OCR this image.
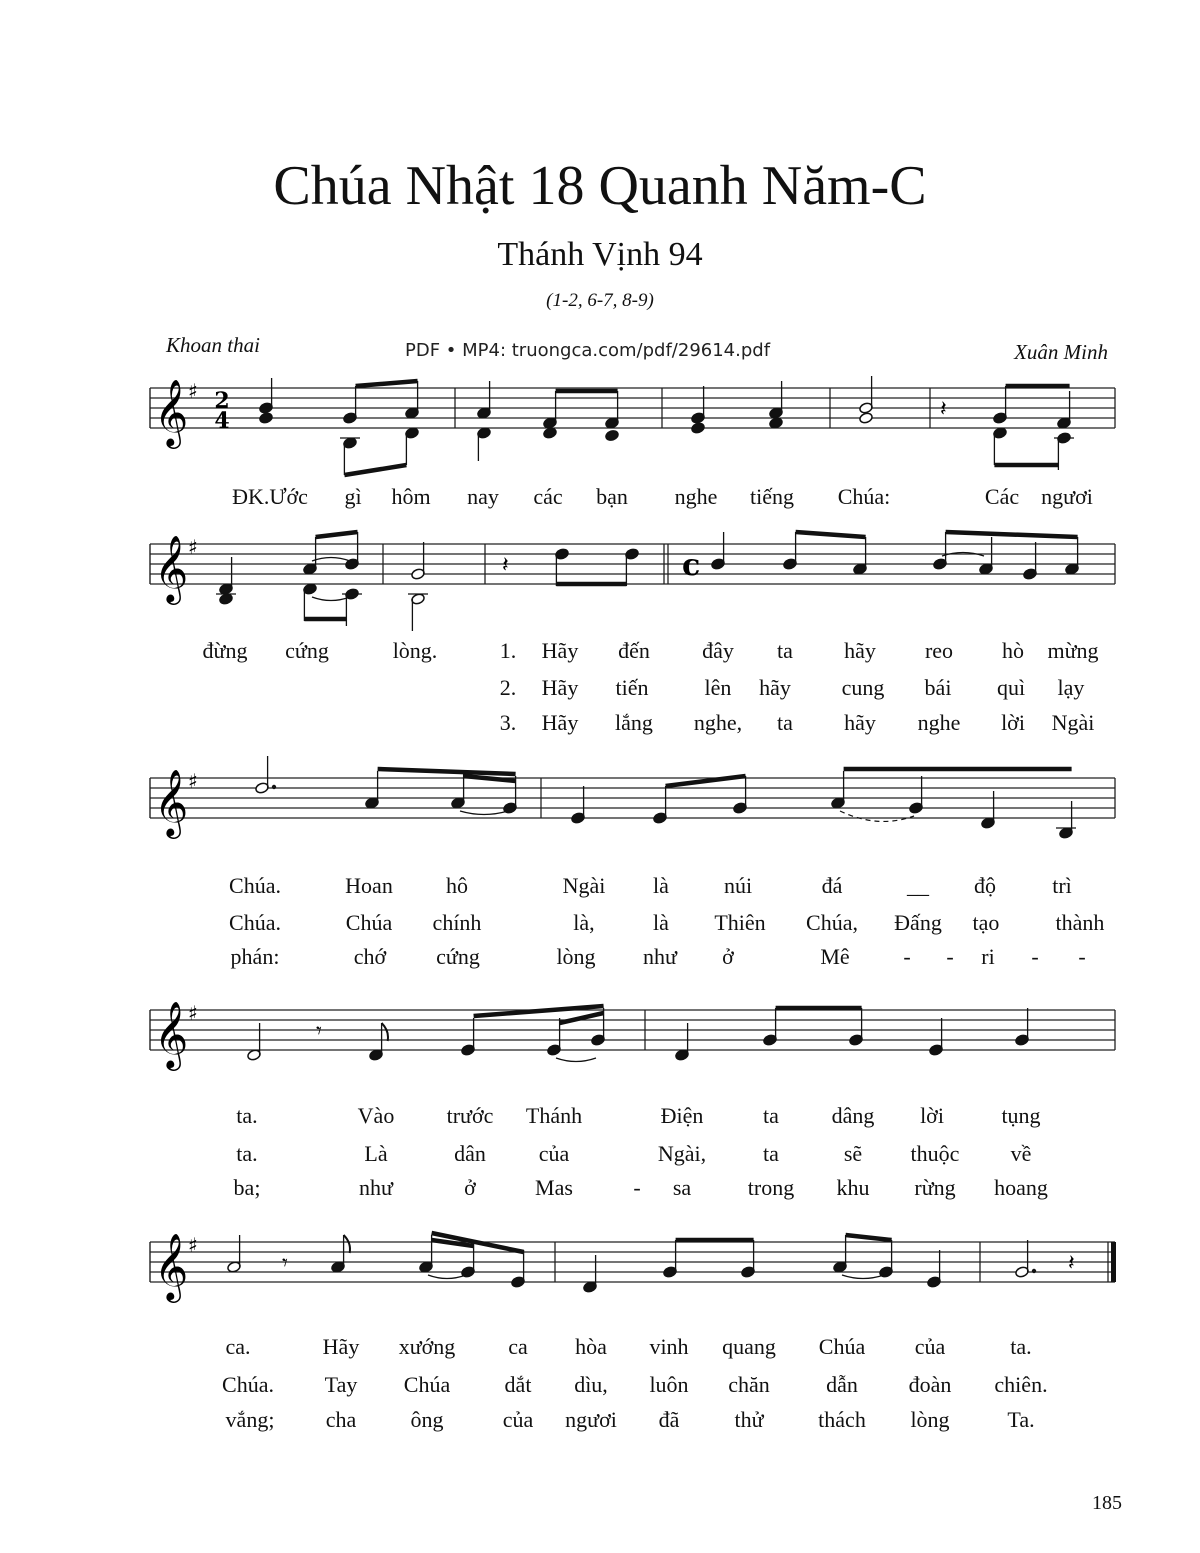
Chúa Nhật 18 Quanh Năm-C
Thánh Vịnh 94
(1-2, 6-7, 8-9)
Khoan thai	PDF • MP4: truongca.com/pdf/29614.pdf	Xuân Minh
𝄞 ♯
𝄞 ♯
𝄞 ♯
𝄞 ♯
𝄞 ♯
2
4
c
𝄽
𝄽
𝄾
𝄾	𝄽
ĐK.Ước gì hôm nay các bạn nghe tiếng Chúa:	Các ngươi
đừng cứng	lòng.	1. Hãy đến đây ta hãy reo hò mừng
2. Hãy tiến	lên hãy cung bái quì lạy
3. Hãy lắng nghe, ta hãy nghe lời Ngài
Chúa.	Hoan hô	Ngài là núi	đá	__ độ	trì
Chúa.	Chúa chính	là,	là Thiên Chúa, Đấng tạo	thành
phán:	chớ cứng	lòng như ở	Mê - - ri - -
ta.	Vào trước Thánh	Điện	ta dâng lời	tụng
ta.	Là	dân của	Ngài,	ta	sẽ thuộc về
ba;	như	ở	Mas	- sa	trong khu rừng hoang
ca.	Hãy xướng ca hòa vinh quang Chúa của	ta.
Chúa. Tay Chúa dắt dìu, luôn chăn	dẫn đoàn chiên.
vắng; cha ông	của ngươi đã	thử thách lòng	Ta.
185
